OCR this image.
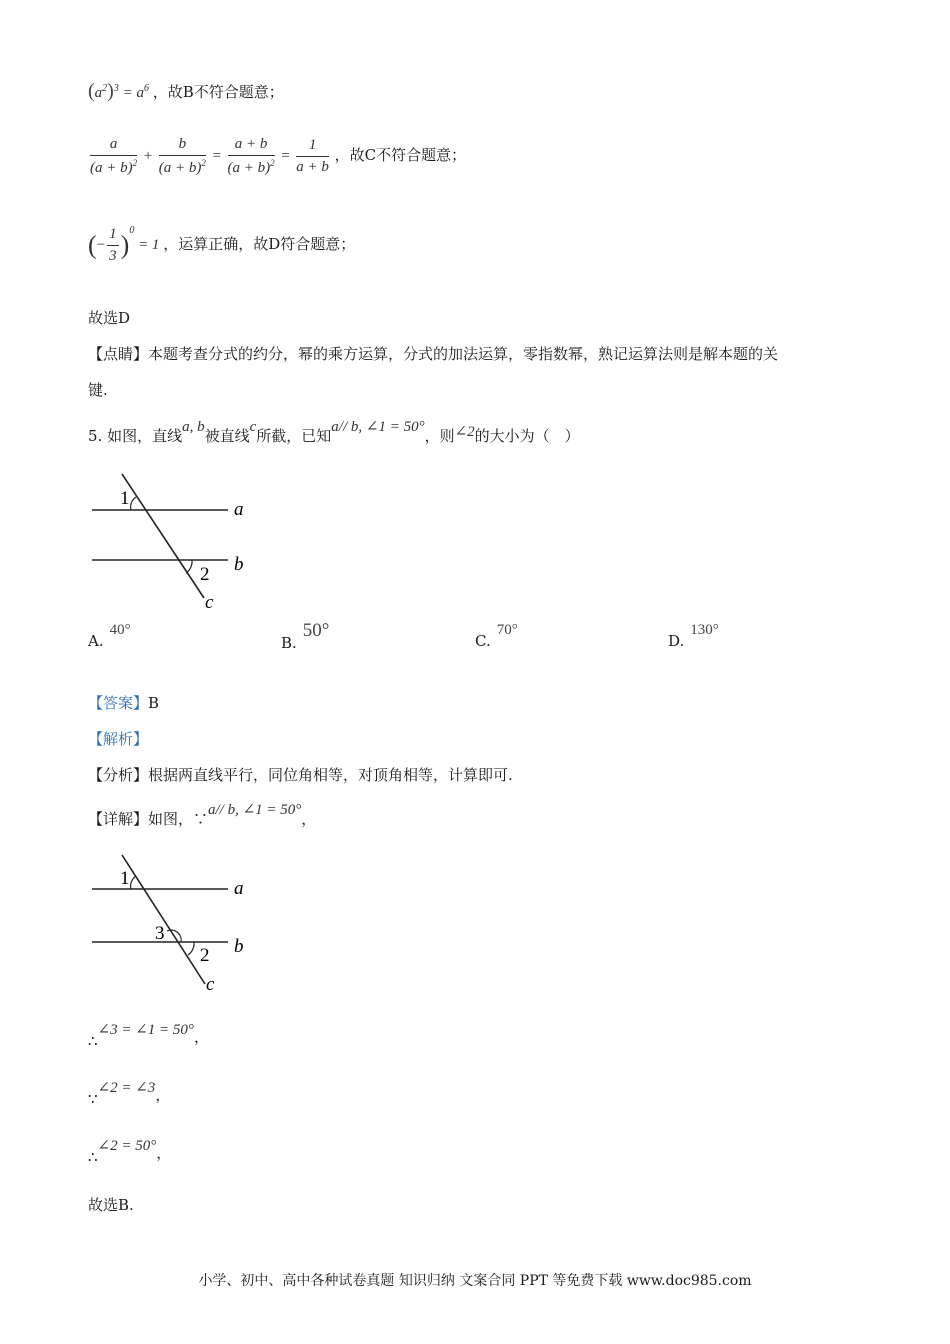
$(a^2)^3 = a^6$ ，故B不符合题意；
$\frac{a}{(a + b)^2} + \frac{b}{(a + b)^2} = \frac{a + b}{(a + b)^2} = \frac{1}{a + b}$ ，故C不符合题意；
(− $\frac{1}{3} )^0 = 1$ ，运算正确，故D符合题意；
故选D
【点睛】本题考查分式的约分，幂的乘方运算，分式的加法运算，零指数幂，熟记运算法则是解本题的关
键.
5. 如图，直线a, b被直线c所截，已知a// b, ∠1 = 50°，则∠2的大小为（　）
1
2
a
b
c
A.40°
B.50°	C.70°
D.130°
【答案】B
【解析】
【分析】根据两直线平行，同位角相等，对顶角相等，计算即可.
【详解】如图，∵a// b, ∠1 = 50°，
1
3
2
a
b
c
∴∠3 = ∠1 = 50°，
∵∠2 = ∠3，
∴∠2 = 50°，
故选B.
小学、初中、高中各种试卷真题 知识归纳 文案合同 PPT 等免费下载 www.doc985.com
